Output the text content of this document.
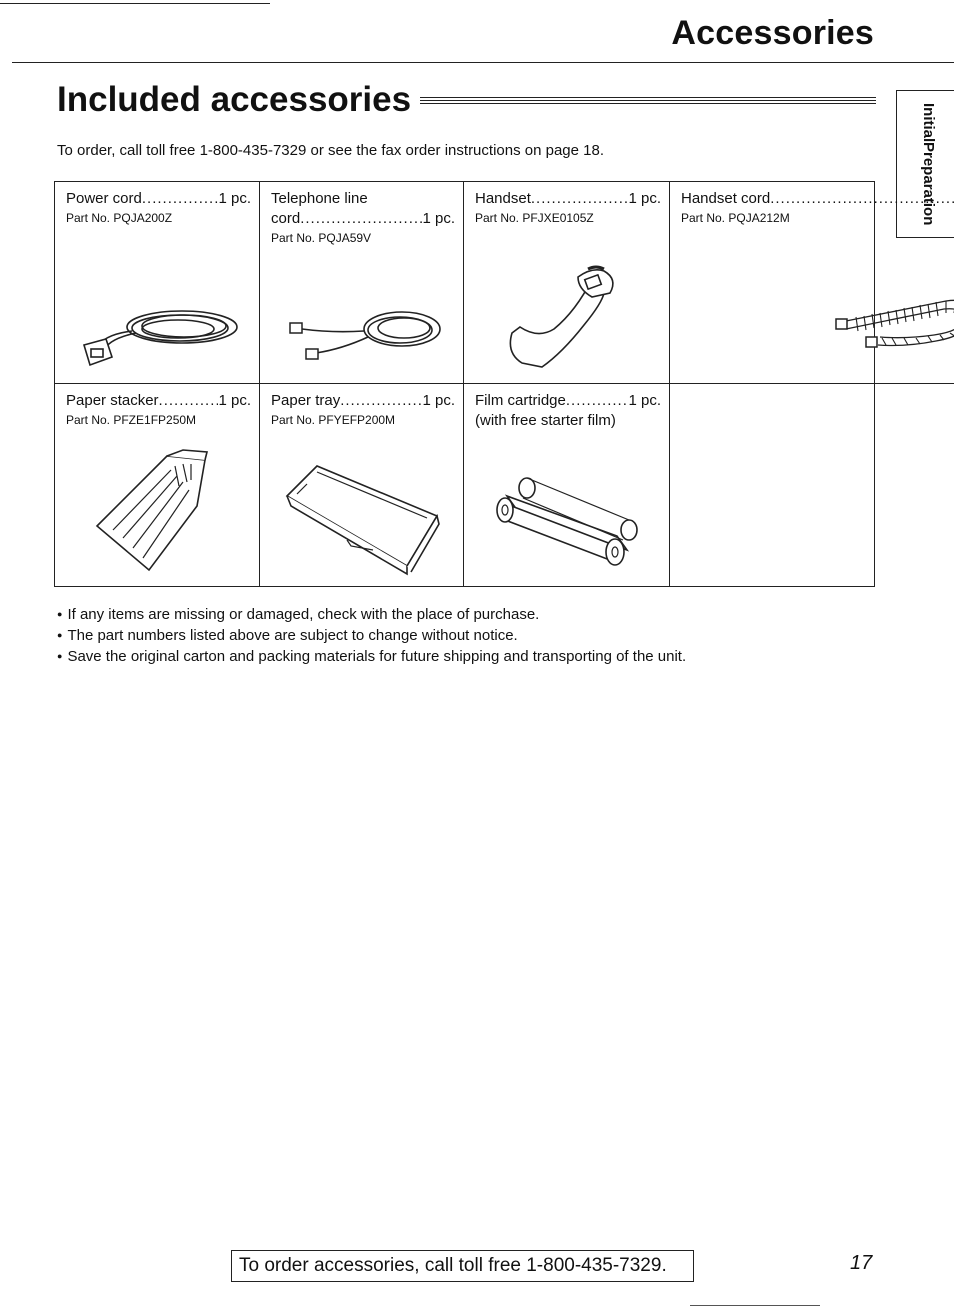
Accessories
Included accessories
To order, call toll free 1-800-435-7329 or see the fax order instructions on page 18.
Initial
Preparation
Power cord .....	1 pc.
Part No. PQJA200Z
Telephone line
cord .....	1 pc.
Part No. PQJA59V
Handset .....	1 pc.
Part No. PFJXE0105Z
Handset cord
.....
Part No. PQJA212M
Paper stacker .....	1 pc.
Part No. PFZE1FP250M
Paper tray .....	1 pc.
Part No. PFYEFP200M
Film cartridge .....	1 pc.
(with free starter film)
● If any items are missing or damaged, check with the place of purchase.
● The part numbers listed above are subject to change without notice.
● Save the original carton and packing materials for future shipping and transporting of the unit.
To order accessories, call toll free 1-800-435-7329.	17
